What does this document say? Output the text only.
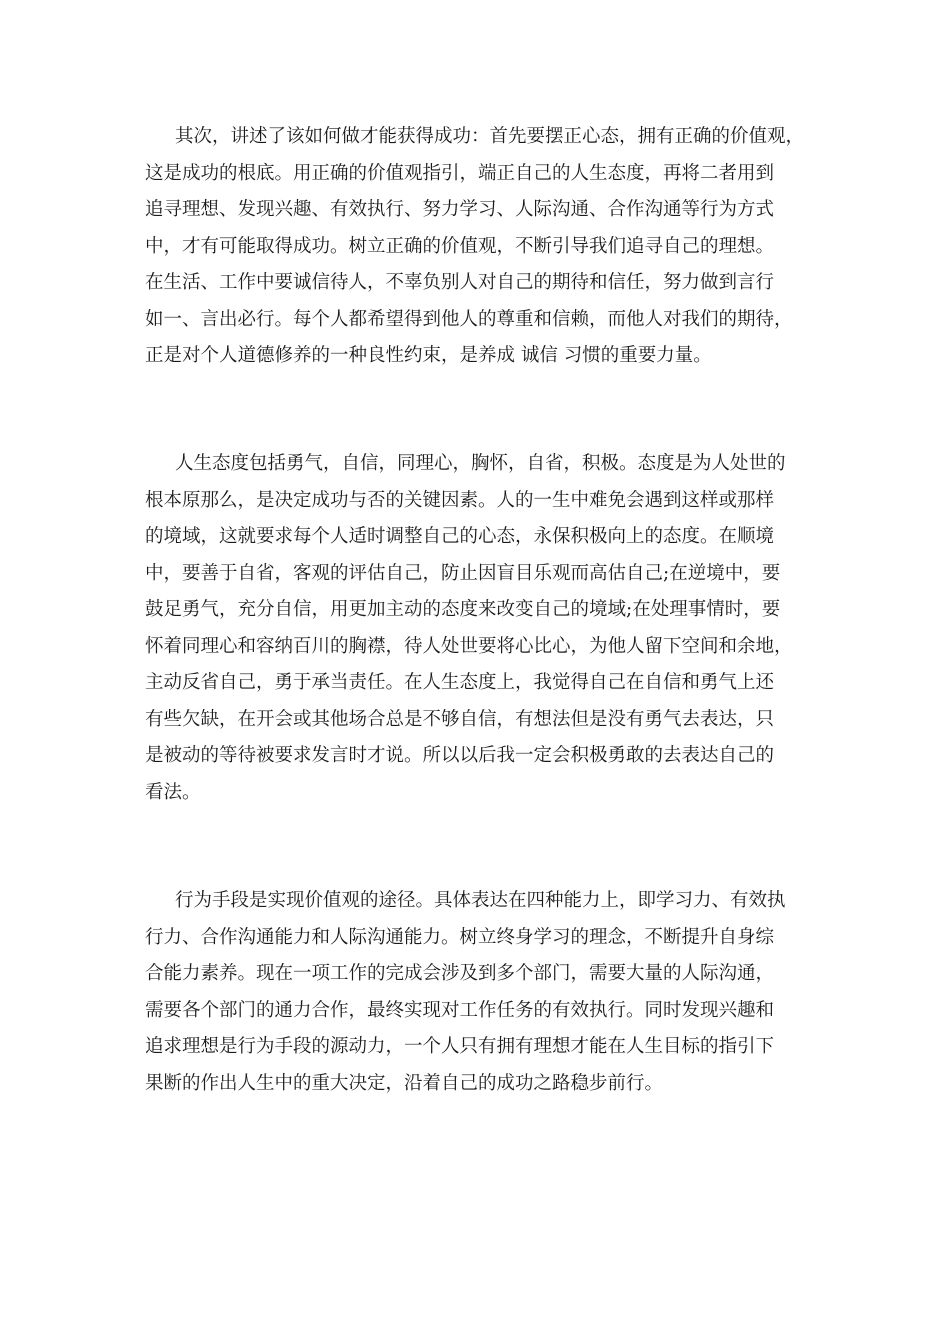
其次，讲述了该如何做才能获得成功：首先要摆正心态，拥有正确的价值观，
这是成功的根底。用正确的价值观指引，端正自己的人生态度，再将二者用到
追寻理想、发现兴趣、有效执行、努力学习、人际沟通、合作沟通等行为方式
中，才有可能取得成功。树立正确的价值观，不断引导我们追寻自己的理想。
在生活、工作中要诚信待人，不辜负别人对自己的期待和信任，努力做到言行
如一、言出必行。每个人都希望得到他人的尊重和信赖，而他人对我们的期待，
正是对个人道德修养的一种良性约束，是养成 诚信 习惯的重要力量。
人生态度包括勇气，自信，同理心，胸怀，自省，积极。态度是为人处世的
根本原那么，是决定成功与否的关键因素。人的一生中难免会遇到这样或那样
的境域，这就要求每个人适时调整自己的心态，永保积极向上的态度。在顺境
中，要善于自省，客观的评估自己，防止因盲目乐观而高估自己;在逆境中，要
鼓足勇气，充分自信，用更加主动的态度来改变自己的境域;在处理事情时，要
怀着同理心和容纳百川的胸襟，待人处世要将心比心，为他人留下空间和余地，
主动反省自己，勇于承当责任。在人生态度上，我觉得自己在自信和勇气上还
有些欠缺，在开会或其他场合总是不够自信，有想法但是没有勇气去表达，只
是被动的等待被要求发言时才说。所以以后我一定会积极勇敢的去表达自己的
看法。
行为手段是实现价值观的途径。具体表达在四种能力上，即学习力、有效执
行力、合作沟通能力和人际沟通能力。树立终身学习的理念，不断提升自身综
合能力素养。现在一项工作的完成会涉及到多个部门，需要大量的人际沟通，
需要各个部门的通力合作，最终实现对工作任务的有效执行。同时发现兴趣和
追求理想是行为手段的源动力，一个人只有拥有理想才能在人生目标的指引下
果断的作出人生中的重大决定，沿着自己的成功之路稳步前行。
